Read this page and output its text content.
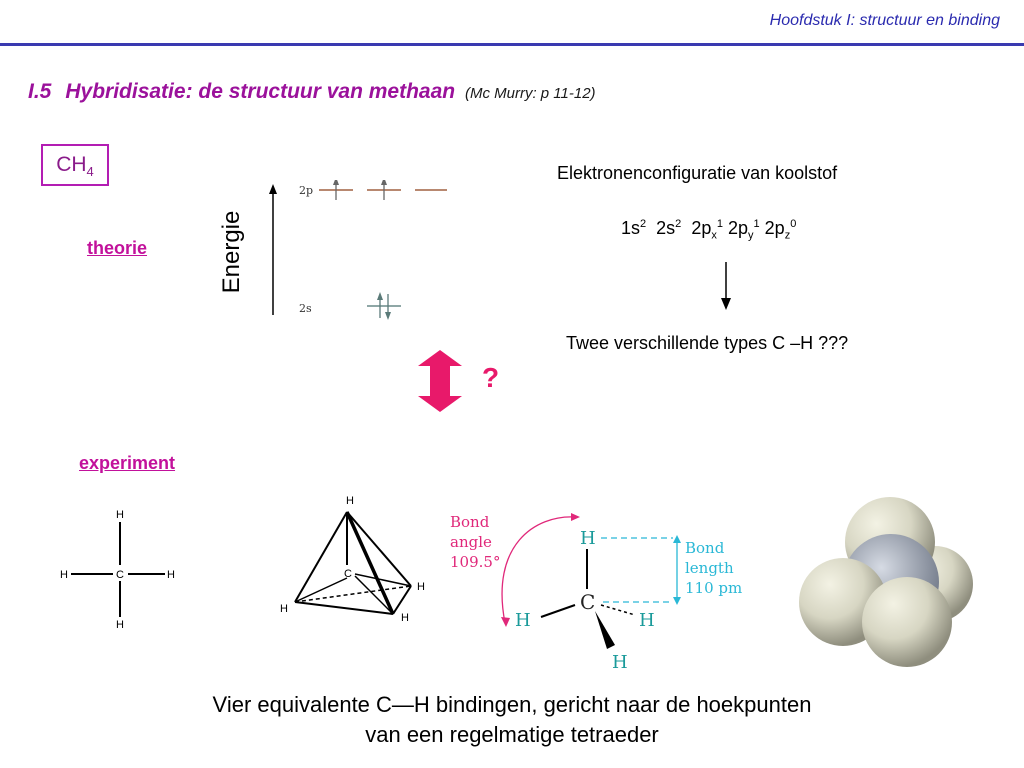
Hoofdstuk I: structuur en binding
I.5 Hybridisatie: de structuur van methaan (Mc Murry: p 11-12)
$CH_4$
theorie
experiment
Energie
2p
2s
Elektronenconfiguratie van koolstof
$1s^2$ $2s^2$ $2p_x^1$ $2p_y^1$ $2p_z^0$
Twee verschillende types C –H ???
?
C
H
H
H	H
H
C
H
H
H
Bond
angle
109.5°
H
C
H	H
H
Bond
length
110 pm
Vier equivalente C—H bindingen, gericht naar de hoekpunten
van een regelmatige tetraeder
